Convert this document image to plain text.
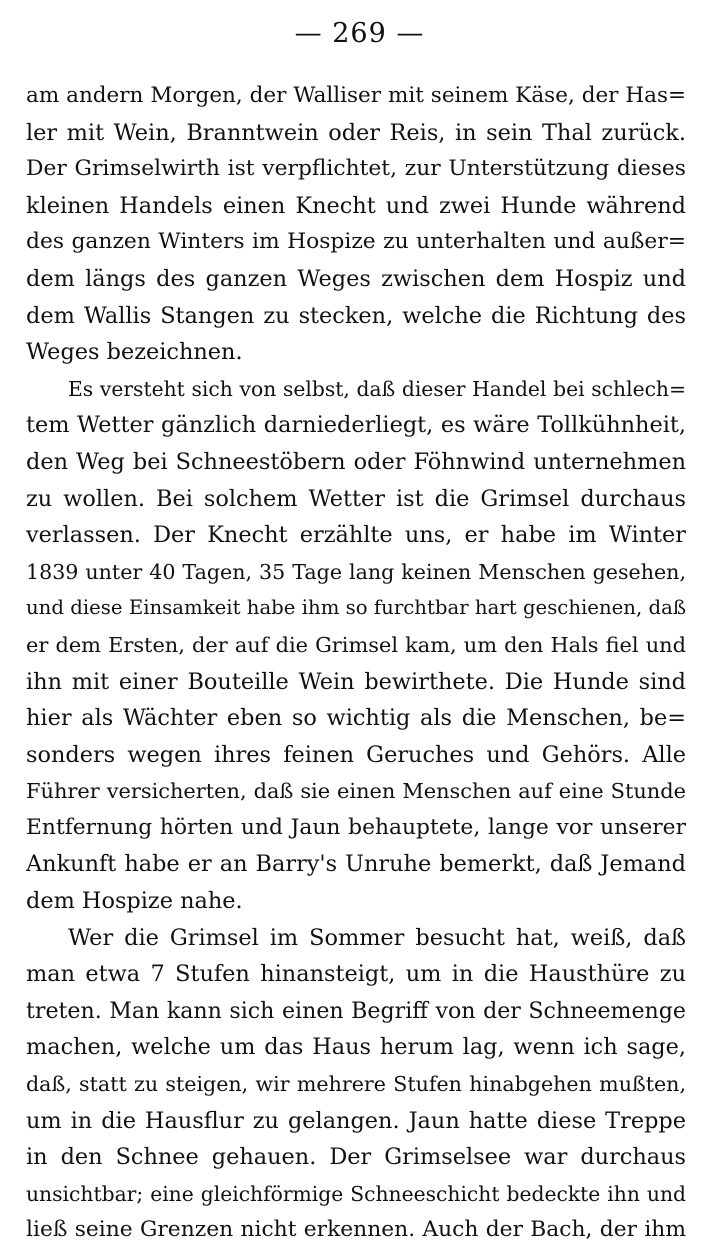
— 269 —
am andern Morgen, der Walliser mit seinem Käse, der Has=
ler mit Wein, Branntwein oder Reis, in sein Thal zurück.
Der Grimselwirth ist verpflichtet, zur Unterstützung dieses
kleinen Handels einen Knecht und zwei Hunde während
des ganzen Winters im Hospize zu unterhalten und außer=
dem längs des ganzen Weges zwischen dem Hospiz und
dem Wallis Stangen zu stecken, welche die Richtung des
Weges bezeichnen.
Es versteht sich von selbst, daß dieser Handel bei schlech=
tem Wetter gänzlich darniederliegt, es wäre Tollkühnheit,
den Weg bei Schneestöbern oder Föhnwind unternehmen
zu wollen. Bei solchem Wetter ist die Grimsel durchaus
verlassen. Der Knecht erzählte uns, er habe im Winter
1839 unter 40 Tagen, 35 Tage lang keinen Menschen gesehen,
und diese Einsamkeit habe ihm so furchtbar hart geschienen, daß
er dem Ersten, der auf die Grimsel kam, um den Hals fiel und
ihn mit einer Bouteille Wein bewirthete. Die Hunde sind
hier als Wächter eben so wichtig als die Menschen, be=
sonders wegen ihres feinen Geruches und Gehörs. Alle
Führer versicherten, daß sie einen Menschen auf eine Stunde
Entfernung hörten und Jaun behauptete, lange vor unserer
Ankunft habe er an Barry's Unruhe bemerkt, daß Jemand
dem Hospize nahe.
Wer die Grimsel im Sommer besucht hat, weiß, daß
man etwa 7 Stufen hinansteigt, um in die Hausthüre zu
treten. Man kann sich einen Begriff von der Schneemenge
machen, welche um das Haus herum lag, wenn ich sage,
daß, statt zu steigen, wir mehrere Stufen hinabgehen mußten,
um in die Hausflur zu gelangen. Jaun hatte diese Treppe
in den Schnee gehauen. Der Grimselsee war durchaus
unsichtbar; eine gleichförmige Schneeschicht bedeckte ihn und
ließ seine Grenzen nicht erkennen. Auch der Bach, der ihm
